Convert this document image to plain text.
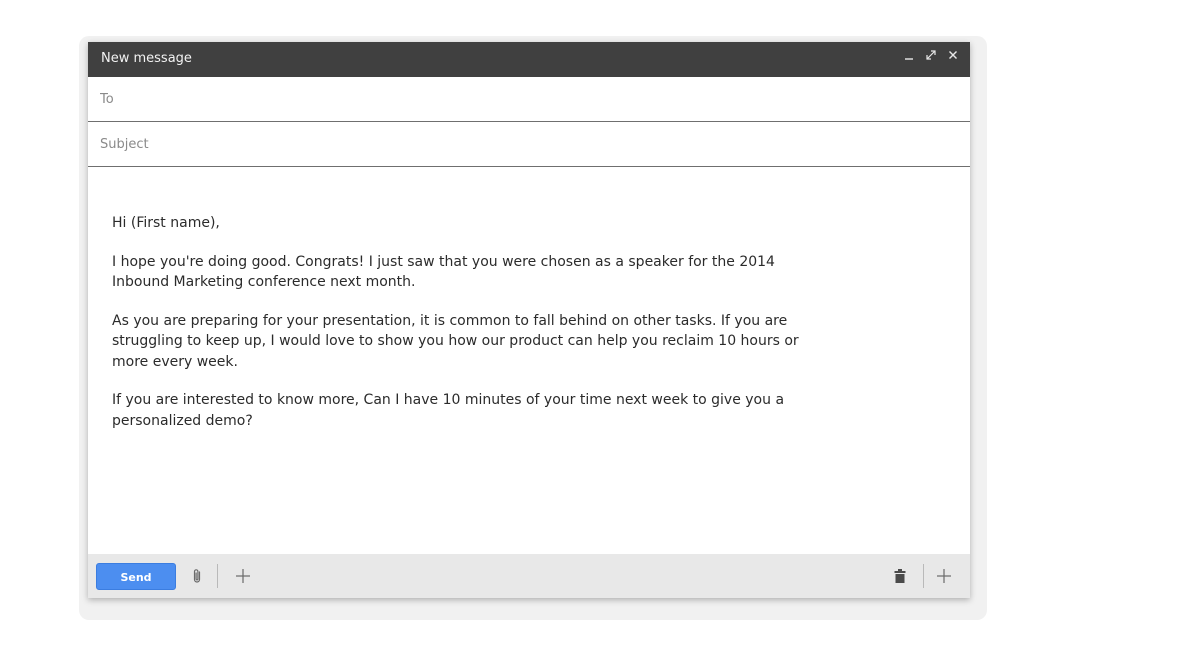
New message
To
Subject

Hi (First name),

I hope you're doing good. Congrats! I just saw that you were chosen as a speaker for the 2014 Inbound Marketing conference next month.

As you are preparing for your presentation, it is common to fall behind on other tasks. If you are struggling to keep up, I would love to show you how our product can help you reclaim 10 hours or more every week.

If you are interested to know more, Can I have 10 minutes of your time next week to give you a personalized demo?

Send
